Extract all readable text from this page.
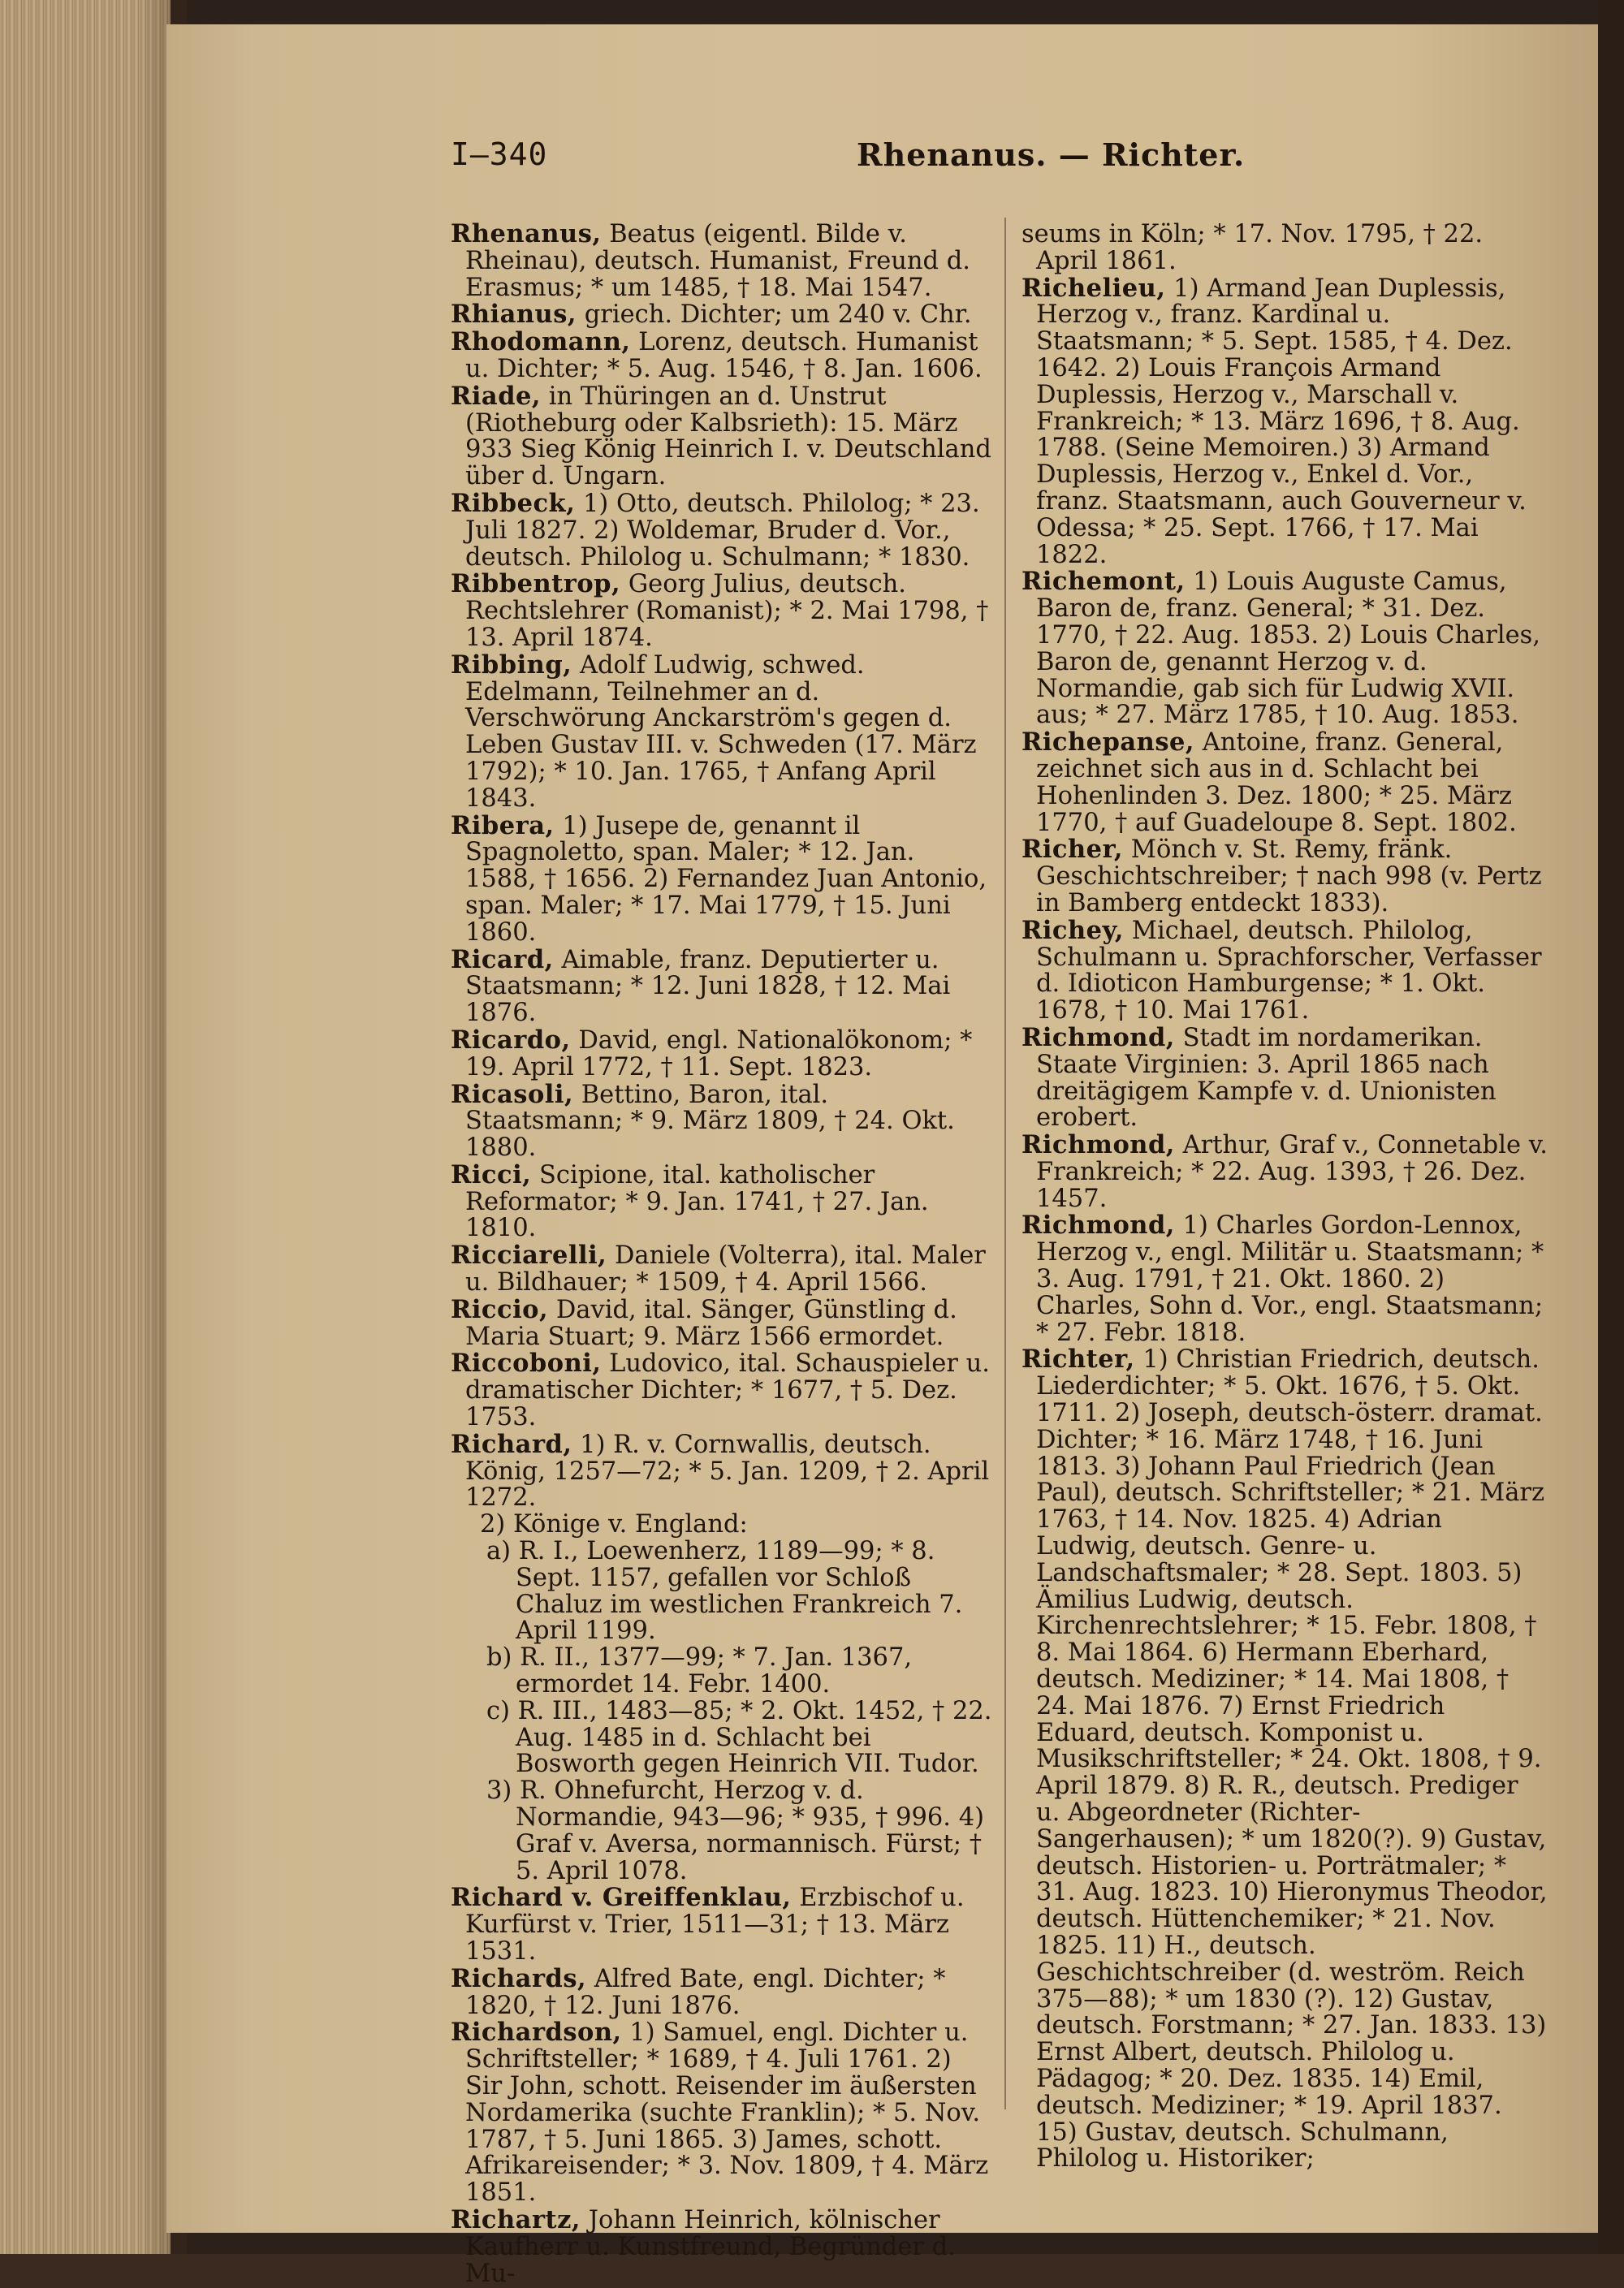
I—340	Rhenanus. — Richter.

Rhenanus, Beatus (eigentl. Bilde v. Rheinau), deutsch. Humanist, Freund d. Erasmus; * um 1485, † 18. Mai 1547.

Rhianus, griech. Dichter; um 240 v. Chr.

Rhodomann, Lorenz, deutsch. Humanist u. Dichter; * 5. Aug. 1546, † 8. Jan. 1606.

Riade, in Thüringen an d. Unstrut (Riotheburg oder Kalbsrieth): 15. März 933 Sieg König Heinrich I. v. Deutschland über d. Ungarn.

Ribbeck, 1) Otto, deutsch. Philolog; * 23. Juli 1827. 2) Woldemar, Bruder d. Vor., deutsch. Philolog u. Schulmann; * 1830.

Ribbentrop, Georg Julius, deutsch. Rechtslehrer (Romanist); * 2. Mai 1798, † 13. April 1874.

Ribbing, Adolf Ludwig, schwed. Edelmann, Teilnehmer an d. Verschwörung Anckarström's gegen d. Leben Gustav III. v. Schweden (17. März 1792); * 10. Jan. 1765, † Anfang April 1843.

Ribera, 1) Jusepe de, genannt il Spagnoletto, span. Maler; * 12. Jan. 1588, † 1656. 2) Fernandez Juan Antonio, span. Maler; * 17. Mai 1779, † 15. Juni 1860.

Ricard, Aimable, franz. Deputierter u. Staatsmann; * 12. Juni 1828, † 12. Mai 1876.

Ricardo, David, engl. Nationalökonom; * 19. April 1772, † 11. Sept. 1823.

Ricasoli, Bettino, Baron, ital. Staatsmann; * 9. März 1809, † 24. Okt. 1880.

Ricci, Scipione, ital. katholischer Reformator; * 9. Jan. 1741, † 27. Jan. 1810.

Ricciarelli, Daniele (Volterra), ital. Maler u. Bildhauer; * 1509, † 4. April 1566.

Riccio, David, ital. Sänger, Günstling d. Maria Stuart; 9. März 1566 ermordet.

Riccoboni, Ludovico, ital. Schauspieler u. dramatischer Dichter; * 1677, † 5. Dez. 1753.

Richard, 1) R. v. Cornwallis, deutsch. König, 1257—72; * 5. Jan. 1209, † 2. April 1272.

2) Könige v. England:

a) R. I., Loewenherz, 1189—99; * 8. Sept. 1157, gefallen vor Schloß Chaluz im westlichen Frankreich 7. April 1199.

b) R. II., 1377—99; * 7. Jan. 1367, ermordet 14. Febr. 1400.

c) R. III., 1483—85; * 2. Okt. 1452, † 22. Aug. 1485 in d. Schlacht bei Bosworth gegen Heinrich VII. Tudor.

3) R. Ohnefurcht, Herzog v. d. Normandie, 943—96; * 935, † 996. 4) Graf v. Aversa, normannisch. Fürst; † 5. April 1078.

Richard v. Greiffenklau, Erzbischof u. Kurfürst v. Trier, 1511—31; † 13. März 1531.

Richards, Alfred Bate, engl. Dichter; * 1820, † 12. Juni 1876.

Richardson, 1) Samuel, engl. Dichter u. Schriftsteller; * 1689, † 4. Juli 1761. 2) Sir John, schott. Reisender im äußersten Nordamerika (suchte Franklin); * 5. Nov. 1787, † 5. Juni 1865. 3) James, schott. Afrikareisender; * 3. Nov. 1809, † 4. März 1851.

Richartz, Johann Heinrich, kölnischer Kaufherr u. Kunstfreund, Begründer d. Mu-

seums in Köln; * 17. Nov. 1795, † 22. April 1861.

Richelieu, 1) Armand Jean Duplessis, Herzog v., franz. Kardinal u. Staatsmann; * 5. Sept. 1585, † 4. Dez. 1642. 2) Louis François Armand Duplessis, Herzog v., Marschall v. Frankreich; * 13. März 1696, † 8. Aug. 1788. (Seine Memoiren.) 3) Armand Duplessis, Herzog v., Enkel d. Vor., franz. Staatsmann, auch Gouverneur v. Odessa; * 25. Sept. 1766, † 17. Mai 1822.

Richemont, 1) Louis Auguste Camus, Baron de, franz. General; * 31. Dez. 1770, † 22. Aug. 1853. 2) Louis Charles, Baron de, genannt Herzog v. d. Normandie, gab sich für Ludwig XVII. aus; * 27. März 1785, † 10. Aug. 1853.

Richepanse, Antoine, franz. General, zeichnet sich aus in d. Schlacht bei Hohenlinden 3. Dez. 1800; * 25. März 1770, † auf Guadeloupe 8. Sept. 1802.

Richer, Mönch v. St. Remy, fränk. Geschichtschreiber; † nach 998 (v. Pertz in Bamberg entdeckt 1833).

Richey, Michael, deutsch. Philolog, Schulmann u. Sprachforscher, Verfasser d. Idioticon Hamburgense; * 1. Okt. 1678, † 10. Mai 1761.

Richmond, Stadt im nordamerikan. Staate Virginien: 3. April 1865 nach dreitägigem Kampfe v. d. Unionisten erobert.

Richmond, Arthur, Graf v., Connetable v. Frankreich; * 22. Aug. 1393, † 26. Dez. 1457.

Richmond, 1) Charles Gordon-Lennox, Herzog v., engl. Militär u. Staatsmann; * 3. Aug. 1791, † 21. Okt. 1860. 2) Charles, Sohn d. Vor., engl. Staatsmann; * 27. Febr. 1818.

Richter, 1) Christian Friedrich, deutsch. Liederdichter; * 5. Okt. 1676, † 5. Okt. 1711. 2) Joseph, deutsch-österr. dramat. Dichter; * 16. März 1748, † 16. Juni 1813. 3) Johann Paul Friedrich (Jean Paul), deutsch. Schriftsteller; * 21. März 1763, † 14. Nov. 1825. 4) Adrian Ludwig, deutsch. Genre- u. Landschaftsmaler; * 28. Sept. 1803. 5) Ämilius Ludwig, deutsch. Kirchenrechtslehrer; * 15. Febr. 1808, † 8. Mai 1864. 6) Hermann Eberhard, deutsch. Mediziner; * 14. Mai 1808, † 24. Mai 1876. 7) Ernst Friedrich Eduard, deutsch. Komponist u. Musikschriftsteller; * 24. Okt. 1808, † 9. April 1879. 8) R. R., deutsch. Prediger u. Abgeordneter (Richter-Sangerhausen); * um 1820(?). 9) Gustav, deutsch. Historien- u. Porträtmaler; * 31. Aug. 1823. 10) Hieronymus Theodor, deutsch. Hüttenchemiker; * 21. Nov. 1825. 11) H., deutsch. Geschichtschreiber (d. weström. Reich 375—88); * um 1830 (?). 12) Gustav, deutsch. Forstmann; * 27. Jan. 1833. 13) Ernst Albert, deutsch. Philolog u. Pädagog; * 20. Dez. 1835. 14) Emil, deutsch. Mediziner; * 19. April 1837. 15) Gustav, deutsch. Schulmann, Philolog u. Historiker;
